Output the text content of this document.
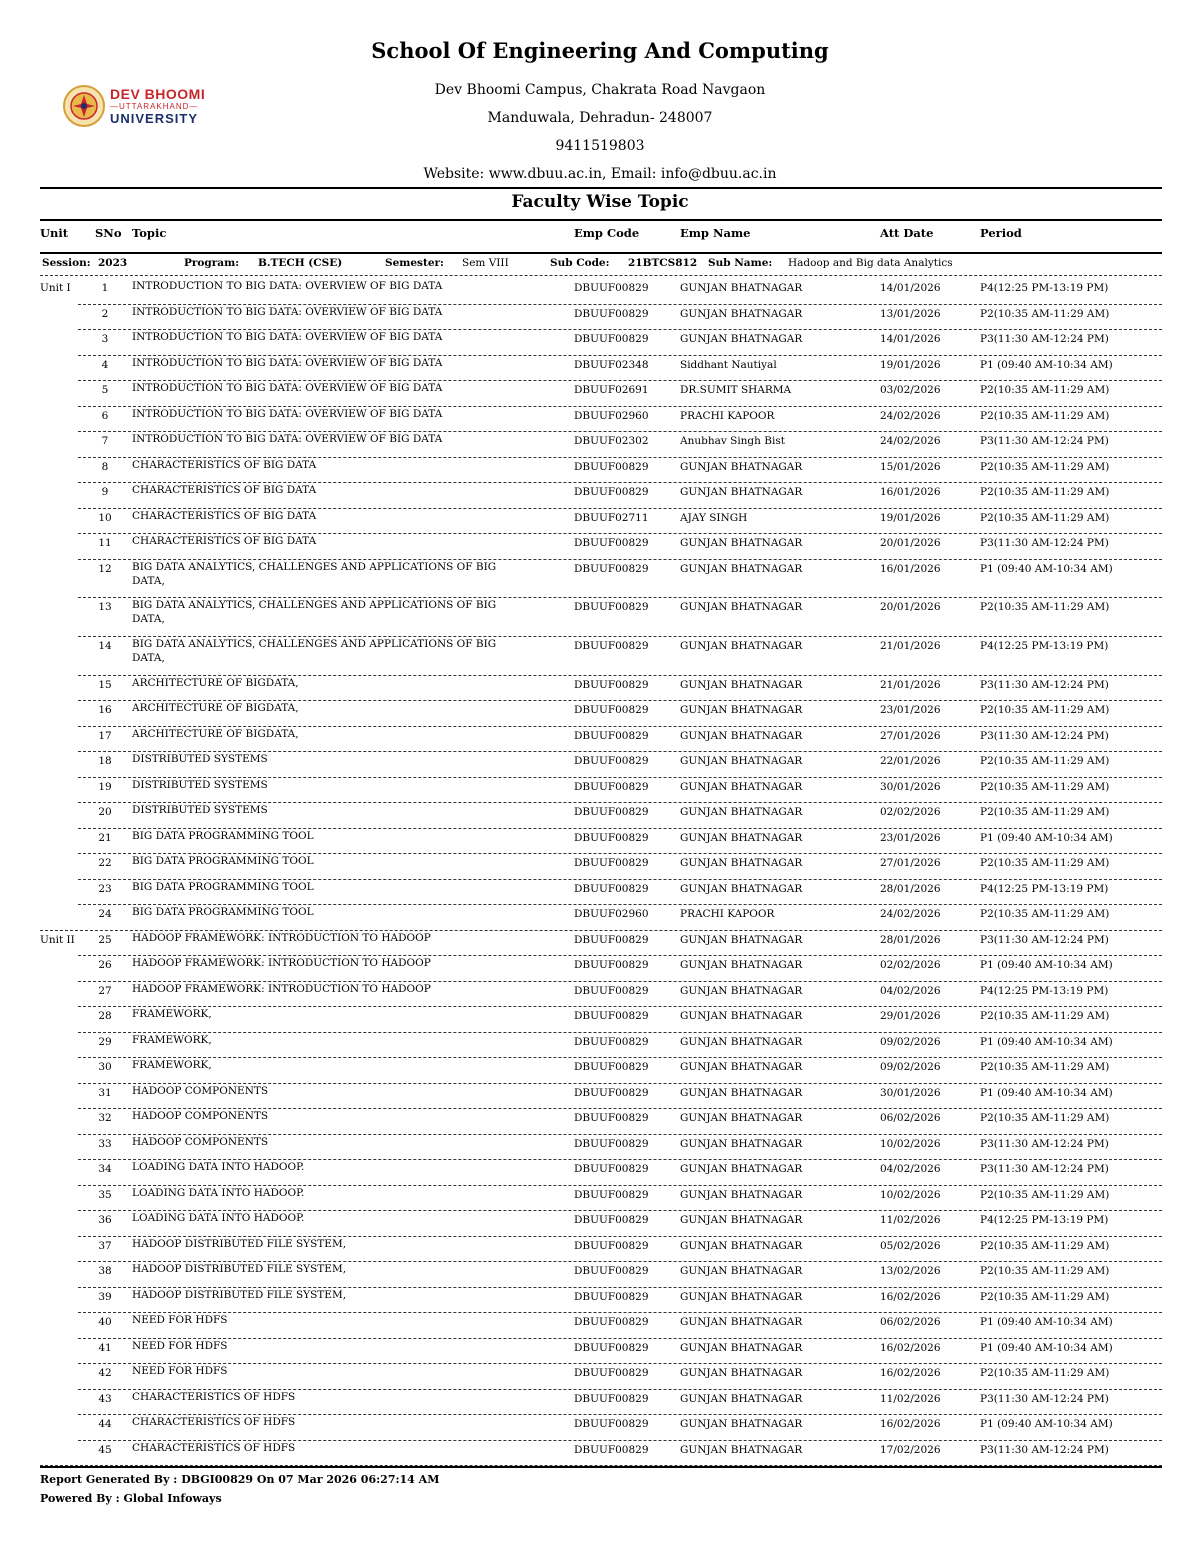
DEV BHOOMI
—UTTARAKHAND—
UNIVERSITY
School Of Engineering And Computing
Dev Bhoomi Campus, Chakrata Road Navgaon
Manduwala, Dehradun- 248007
9411519803
Website: www.dbuu.ac.in, Email: info@dbuu.ac.in
Faculty Wise Topic
Unit SNo Topic	Emp Code	Emp Name	Att Date	Period
Session: 2023	Program: B.TECH (CSE)	Semester: Sem VIII	Sub Code: 21BTCS812 Sub Name: Hadoop and Big data Analytics
Unit I	1	INTRODUCTION TO BIG DATA: OVERVIEW OF BIG DATA	DBUUF00829	GUNJAN BHATNAGAR	14/01/2026	P4(12:25 PM-13:19 PM)
2	INTRODUCTION TO BIG DATA: OVERVIEW OF BIG DATA	DBUUF00829	GUNJAN BHATNAGAR	13/01/2026	P2(10:35 AM-11:29 AM)
3	INTRODUCTION TO BIG DATA: OVERVIEW OF BIG DATA	DBUUF00829	GUNJAN BHATNAGAR	14/01/2026	P3(11:30 AM-12:24 PM)
4	INTRODUCTION TO BIG DATA: OVERVIEW OF BIG DATA	DBUUF02348	Siddhant Nautiyal	19/01/2026	P1 (09:40 AM-10:34 AM)
5	INTRODUCTION TO BIG DATA: OVERVIEW OF BIG DATA	DBUUF02691	DR.SUMIT SHARMA	03/02/2026	P2(10:35 AM-11:29 AM)
6	INTRODUCTION TO BIG DATA: OVERVIEW OF BIG DATA	DBUUF02960	PRACHI KAPOOR	24/02/2026	P2(10:35 AM-11:29 AM)
7	INTRODUCTION TO BIG DATA: OVERVIEW OF BIG DATA	DBUUF02302	Anubhav Singh Bist	24/02/2026	P3(11:30 AM-12:24 PM)
8	CHARACTERISTICS OF BIG DATA	DBUUF00829	GUNJAN BHATNAGAR	15/01/2026	P2(10:35 AM-11:29 AM)
9	CHARACTERISTICS OF BIG DATA	DBUUF00829	GUNJAN BHATNAGAR	16/01/2026	P2(10:35 AM-11:29 AM)
10	CHARACTERISTICS OF BIG DATA	DBUUF02711	AJAY SINGH	19/01/2026	P2(10:35 AM-11:29 AM)
11	CHARACTERISTICS OF BIG DATA	DBUUF00829	GUNJAN BHATNAGAR	20/01/2026	P3(11:30 AM-12:24 PM)
12	BIG DATA ANALYTICS, CHALLENGES AND APPLICATIONS OF BIG DATA,
DBUUF00829	GUNJAN BHATNAGAR	16/01/2026	P1 (09:40 AM-10:34 AM)
13	BIG DATA ANALYTICS, CHALLENGES AND APPLICATIONS OF BIG DATA,
DBUUF00829	GUNJAN BHATNAGAR	20/01/2026	P2(10:35 AM-11:29 AM)
14	BIG DATA ANALYTICS, CHALLENGES AND APPLICATIONS OF BIG DATA,
DBUUF00829	GUNJAN BHATNAGAR	21/01/2026	P4(12:25 PM-13:19 PM)
15	ARCHITECTURE OF BIGDATA,	DBUUF00829	GUNJAN BHATNAGAR	21/01/2026	P3(11:30 AM-12:24 PM)
16	ARCHITECTURE OF BIGDATA,	DBUUF00829	GUNJAN BHATNAGAR	23/01/2026	P2(10:35 AM-11:29 AM)
17	ARCHITECTURE OF BIGDATA,	DBUUF00829	GUNJAN BHATNAGAR	27/01/2026	P3(11:30 AM-12:24 PM)
18	DISTRIBUTED SYSTEMS	DBUUF00829	GUNJAN BHATNAGAR	22/01/2026	P2(10:35 AM-11:29 AM)
19	DISTRIBUTED SYSTEMS	DBUUF00829	GUNJAN BHATNAGAR	30/01/2026	P2(10:35 AM-11:29 AM)
20	DISTRIBUTED SYSTEMS	DBUUF00829	GUNJAN BHATNAGAR	02/02/2026	P2(10:35 AM-11:29 AM)
21	BIG DATA PROGRAMMING TOOL	DBUUF00829	GUNJAN BHATNAGAR	23/01/2026	P1 (09:40 AM-10:34 AM)
22	BIG DATA PROGRAMMING TOOL	DBUUF00829	GUNJAN BHATNAGAR	27/01/2026	P2(10:35 AM-11:29 AM)
23	BIG DATA PROGRAMMING TOOL	DBUUF00829	GUNJAN BHATNAGAR	28/01/2026	P4(12:25 PM-13:19 PM)
24	BIG DATA PROGRAMMING TOOL	DBUUF02960	PRACHI KAPOOR	24/02/2026	P2(10:35 AM-11:29 AM)
Unit II	25	HADOOP FRAMEWORK: INTRODUCTION TO HADOOP	DBUUF00829	GUNJAN BHATNAGAR	28/01/2026	P3(11:30 AM-12:24 PM)
26	HADOOP FRAMEWORK: INTRODUCTION TO HADOOP	DBUUF00829	GUNJAN BHATNAGAR	02/02/2026	P1 (09:40 AM-10:34 AM)
27	HADOOP FRAMEWORK: INTRODUCTION TO HADOOP	DBUUF00829	GUNJAN BHATNAGAR	04/02/2026	P4(12:25 PM-13:19 PM)
28	FRAMEWORK,	DBUUF00829	GUNJAN BHATNAGAR	29/01/2026	P2(10:35 AM-11:29 AM)
29	FRAMEWORK,	DBUUF00829	GUNJAN BHATNAGAR	09/02/2026	P1 (09:40 AM-10:34 AM)
30	FRAMEWORK,	DBUUF00829	GUNJAN BHATNAGAR	09/02/2026	P2(10:35 AM-11:29 AM)
31	HADOOP COMPONENTS	DBUUF00829	GUNJAN BHATNAGAR	30/01/2026	P1 (09:40 AM-10:34 AM)
32	HADOOP COMPONENTS	DBUUF00829	GUNJAN BHATNAGAR	06/02/2026	P2(10:35 AM-11:29 AM)
33	HADOOP COMPONENTS	DBUUF00829	GUNJAN BHATNAGAR	10/02/2026	P3(11:30 AM-12:24 PM)
34	LOADING DATA INTO HADOOP.	DBUUF00829	GUNJAN BHATNAGAR	04/02/2026	P3(11:30 AM-12:24 PM)
35	LOADING DATA INTO HADOOP.	DBUUF00829	GUNJAN BHATNAGAR	10/02/2026	P2(10:35 AM-11:29 AM)
36	LOADING DATA INTO HADOOP.	DBUUF00829	GUNJAN BHATNAGAR	11/02/2026	P4(12:25 PM-13:19 PM)
37	HADOOP DISTRIBUTED FILE SYSTEM,	DBUUF00829	GUNJAN BHATNAGAR	05/02/2026	P2(10:35 AM-11:29 AM)
38	HADOOP DISTRIBUTED FILE SYSTEM,	DBUUF00829	GUNJAN BHATNAGAR	13/02/2026	P2(10:35 AM-11:29 AM)
39	HADOOP DISTRIBUTED FILE SYSTEM,	DBUUF00829	GUNJAN BHATNAGAR	16/02/2026	P2(10:35 AM-11:29 AM)
40	NEED FOR HDFS	DBUUF00829	GUNJAN BHATNAGAR	06/02/2026	P1 (09:40 AM-10:34 AM)
41	NEED FOR HDFS	DBUUF00829	GUNJAN BHATNAGAR	16/02/2026	P1 (09:40 AM-10:34 AM)
42	NEED FOR HDFS	DBUUF00829	GUNJAN BHATNAGAR	16/02/2026	P2(10:35 AM-11:29 AM)
43	CHARACTERISTICS OF HDFS	DBUUF00829	GUNJAN BHATNAGAR	11/02/2026	P3(11:30 AM-12:24 PM)
44	CHARACTERISTICS OF HDFS	DBUUF00829	GUNJAN BHATNAGAR	16/02/2026	P1 (09:40 AM-10:34 AM)
45	CHARACTERISTICS OF HDFS	DBUUF00829	GUNJAN BHATNAGAR	17/02/2026	P3(11:30 AM-12:24 PM)
Report Generated By : DBGI00829 On 07 Mar 2026 06:27:14 AM
Powered By : Global Infoways
